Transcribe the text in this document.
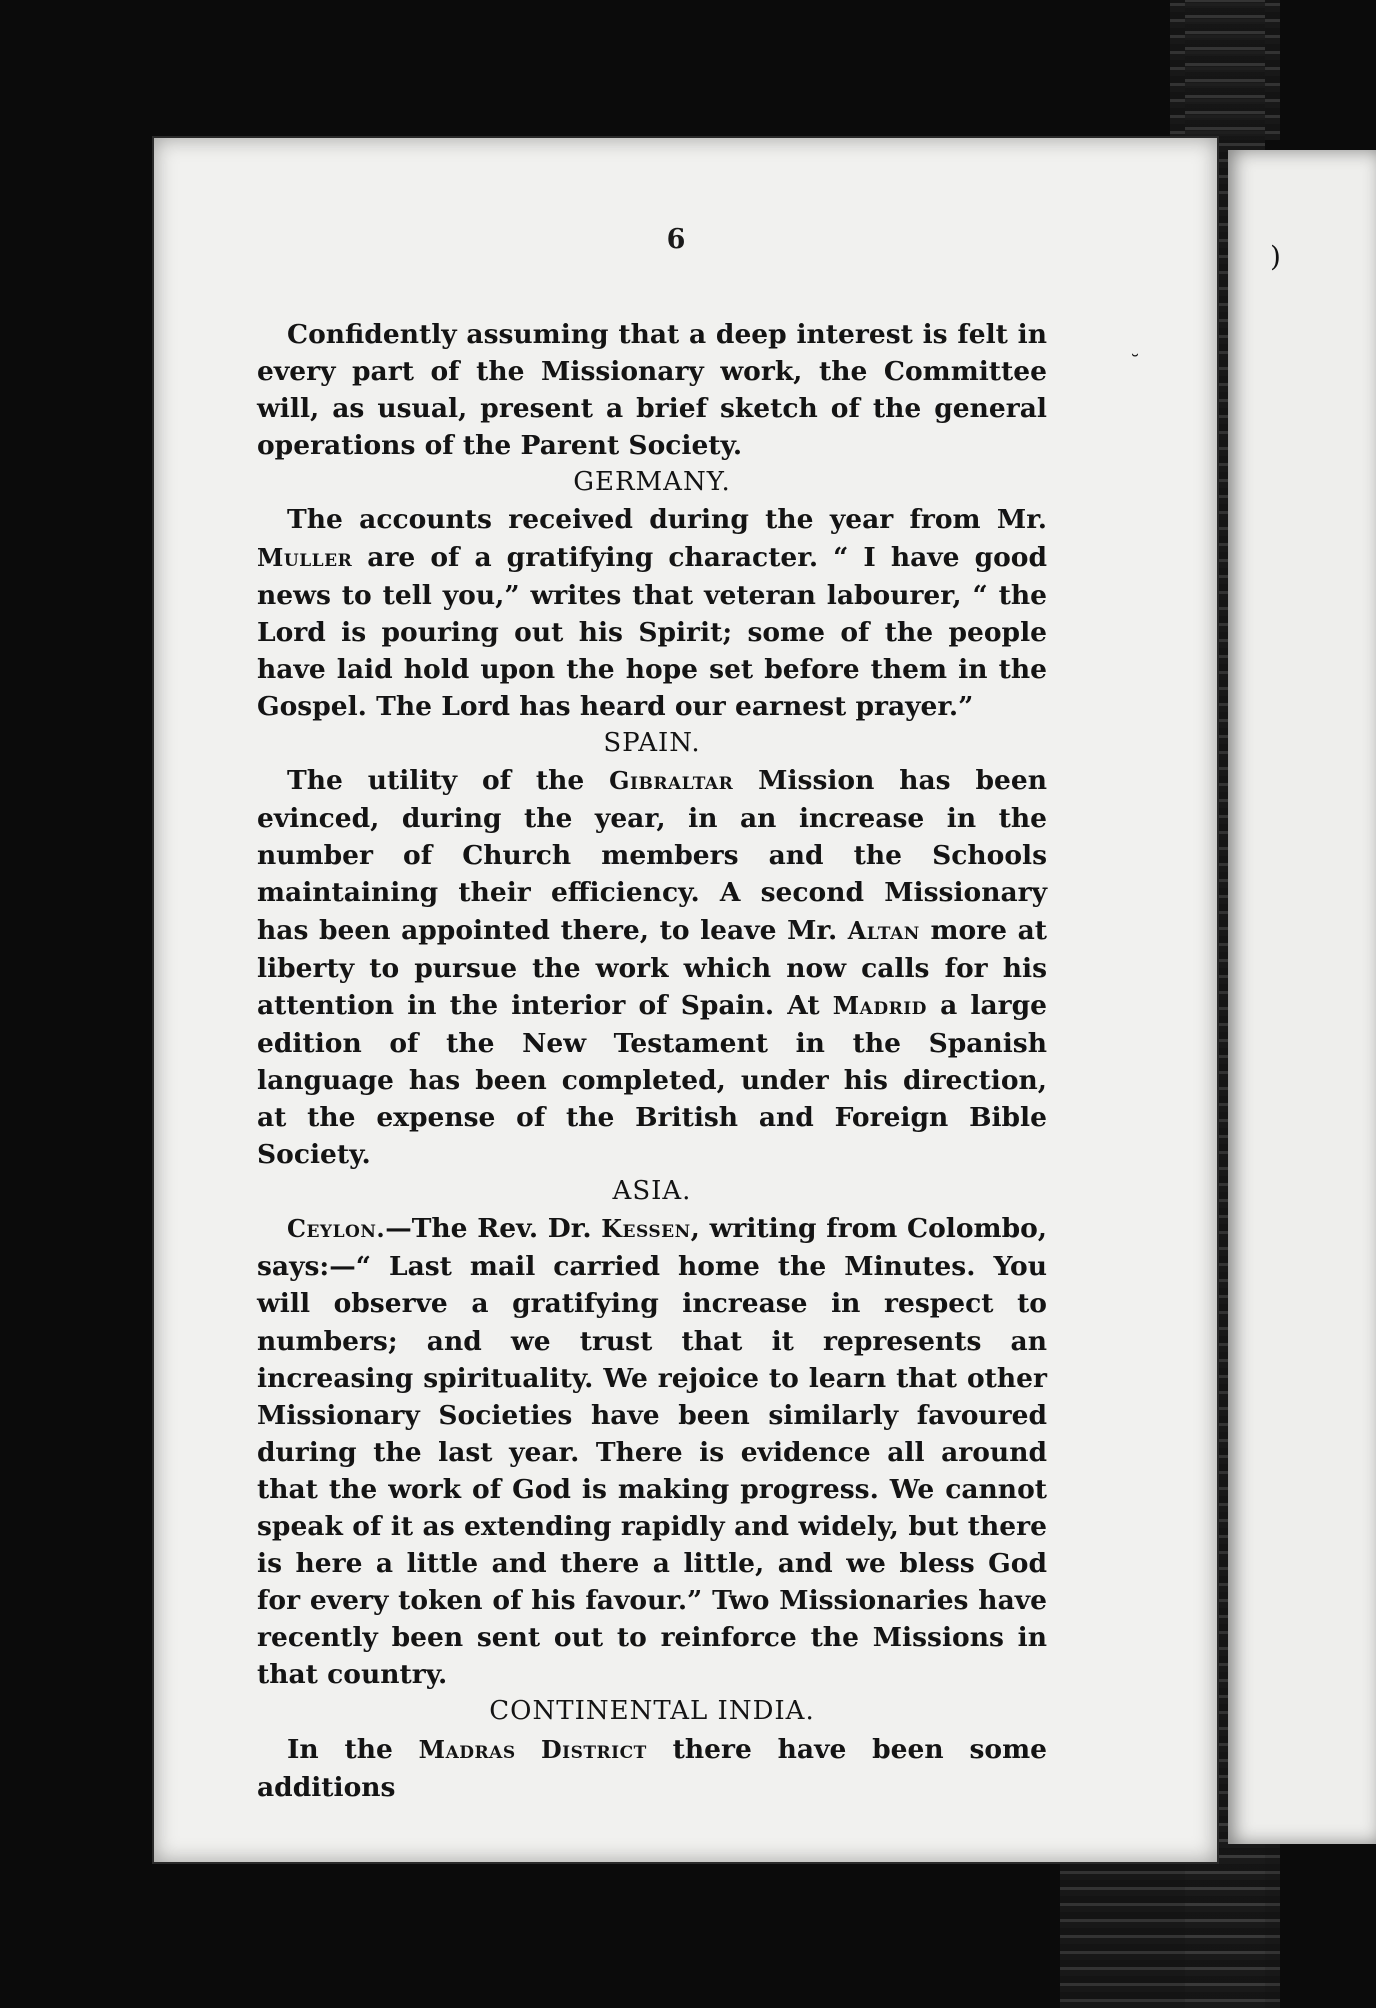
6

Confidently assuming that a deep interest is felt in every part of the Missionary work, the Committee will, as usual, present a brief sketch of the general operations of the Parent Society.

GERMANY.

The accounts received during the year from Mr. Muller are of a gratifying character. “ I have good news to tell you,” writes that veteran labourer, “ the Lord is pouring out his Spirit; some of the people have laid hold upon the hope set before them in the Gospel. The Lord has heard our earnest prayer.”

SPAIN.

The utility of the Gibraltar Mission has been evinced, during the year, in an increase in the number of Church members and the Schools maintaining their efficiency. A second Missionary has been appointed there, to leave Mr. Altan more at liberty to pursue the work which now calls for his attention in the interior of Spain. At Madrid a large edition of the New Testament in the Spanish language has been completed, under his direction, at the expense of the British and Foreign Bible Society.

ASIA.

Ceylon.—The Rev. Dr. Kessen, writing from Colombo, says:—“ Last mail carried home the Minutes. You will observe a gratifying increase in respect to numbers; and we trust that it represents an increasing spirituality. We rejoice to learn that other Missionary Societies have been similarly favoured during the last year. There is evidence all around that the work of God is making progress. We cannot speak of it as extending rapidly and widely, but there is here a little and there a little, and we bless God for every token of his favour.” Two Missionaries have recently been sent out to reinforce the Missions in that country.

CONTINENTAL INDIA.

In the Madras District there have been some additions

)
˘
